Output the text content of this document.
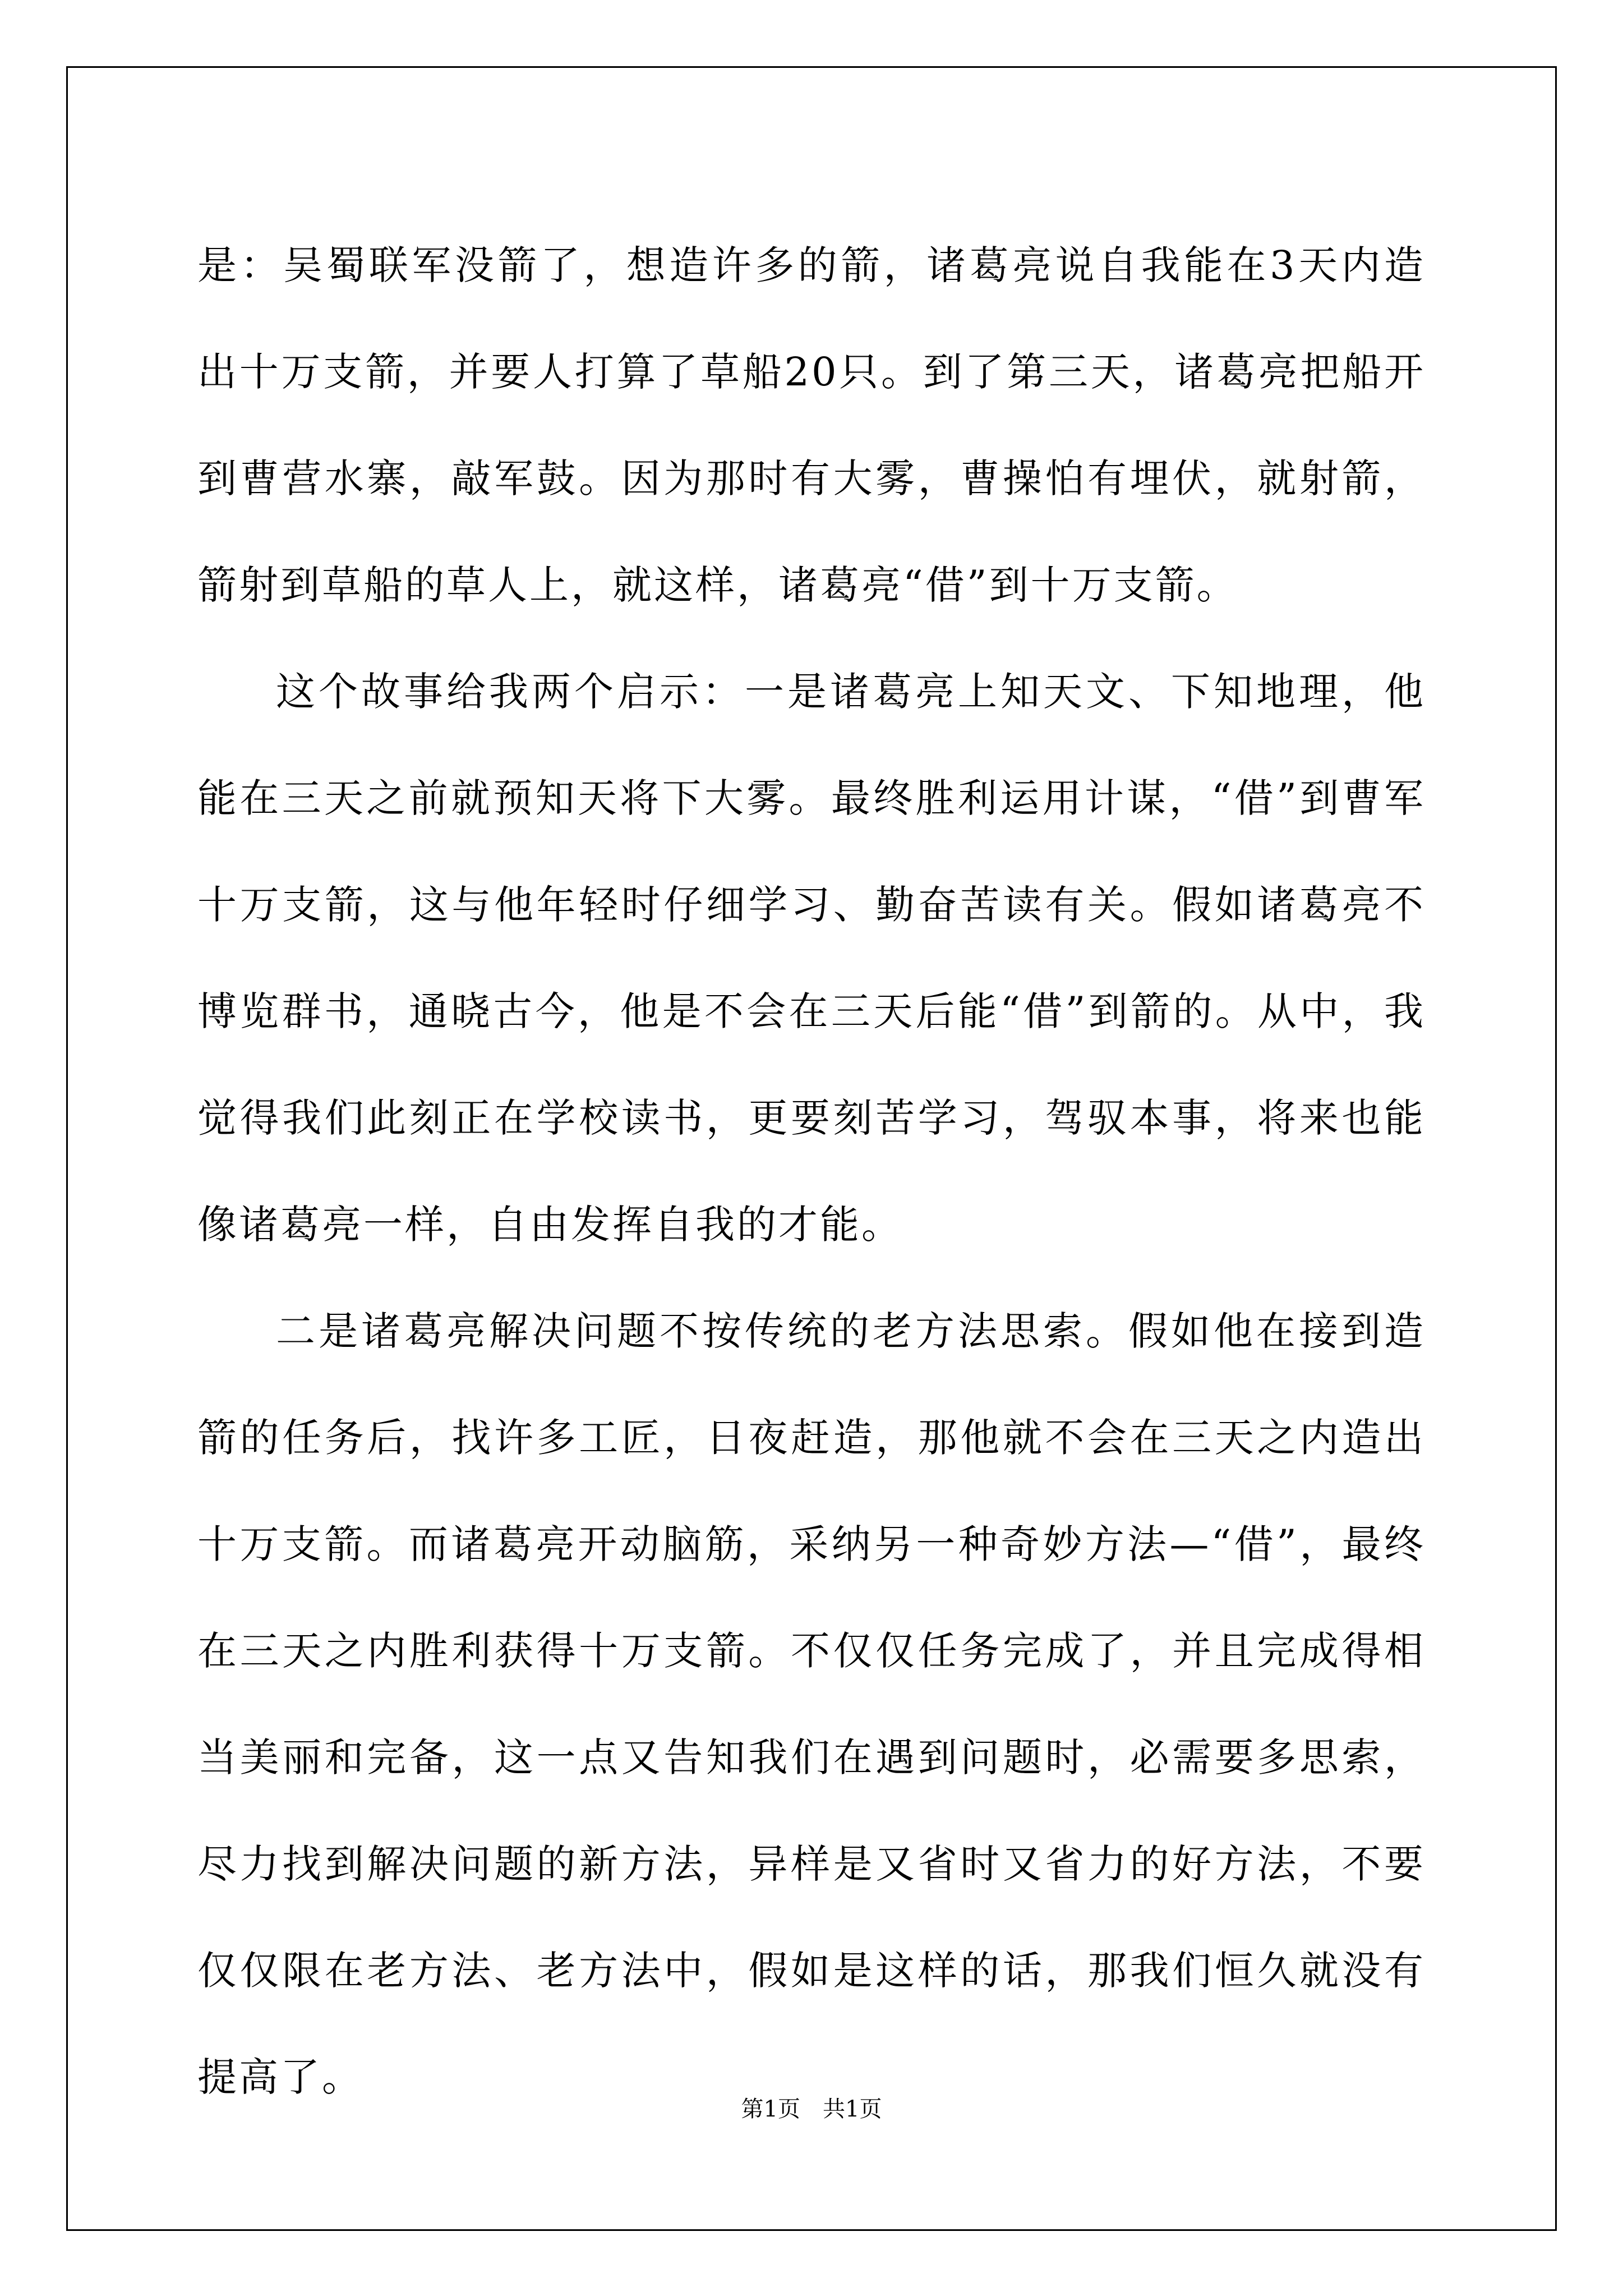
是：吴蜀联军没箭了，想造许多的箭，诸葛亮说自我能在3天内造出十万支箭，并要人打算了草船20只。到了第三天，诸葛亮把船开到曹营水寨，敲军鼓。因为那时有大雾，曹操怕有埋伏，就射箭，箭射到草船的草人上，就这样，诸葛亮“借”到十万支箭。

这个故事给我两个启示：一是诸葛亮上知天文、下知地理，他能在三天之前就预知天将下大雾。最终胜利运用计谋，“借”到曹军十万支箭，这与他年轻时仔细学习、勤奋苦读有关。假如诸葛亮不博览群书，通晓古今，他是不会在三天后能“借”到箭的。从中，我觉得我们此刻正在学校读书，更要刻苦学习，驾驭本事，将来也能像诸葛亮一样，自由发挥自我的才能。

二是诸葛亮解决问题不按传统的老方法思索。假如他在接到造箭的任务后，找许多工匠，日夜赶造，那他就不会在三天之内造出十万支箭。而诸葛亮开动脑筋，采纳另一种奇妙方法—“借”，最终在三天之内胜利获得十万支箭。不仅仅任务完成了，并且完成得相当美丽和完备，这一点又告知我们在遇到问题时，必需要多思索，尽力找到解决问题的新方法，异样是又省时又省力的好方法，不要仅仅限在老方法、老方法中，假如是这样的话，那我们恒久就没有提高了。

第1页　共1页
